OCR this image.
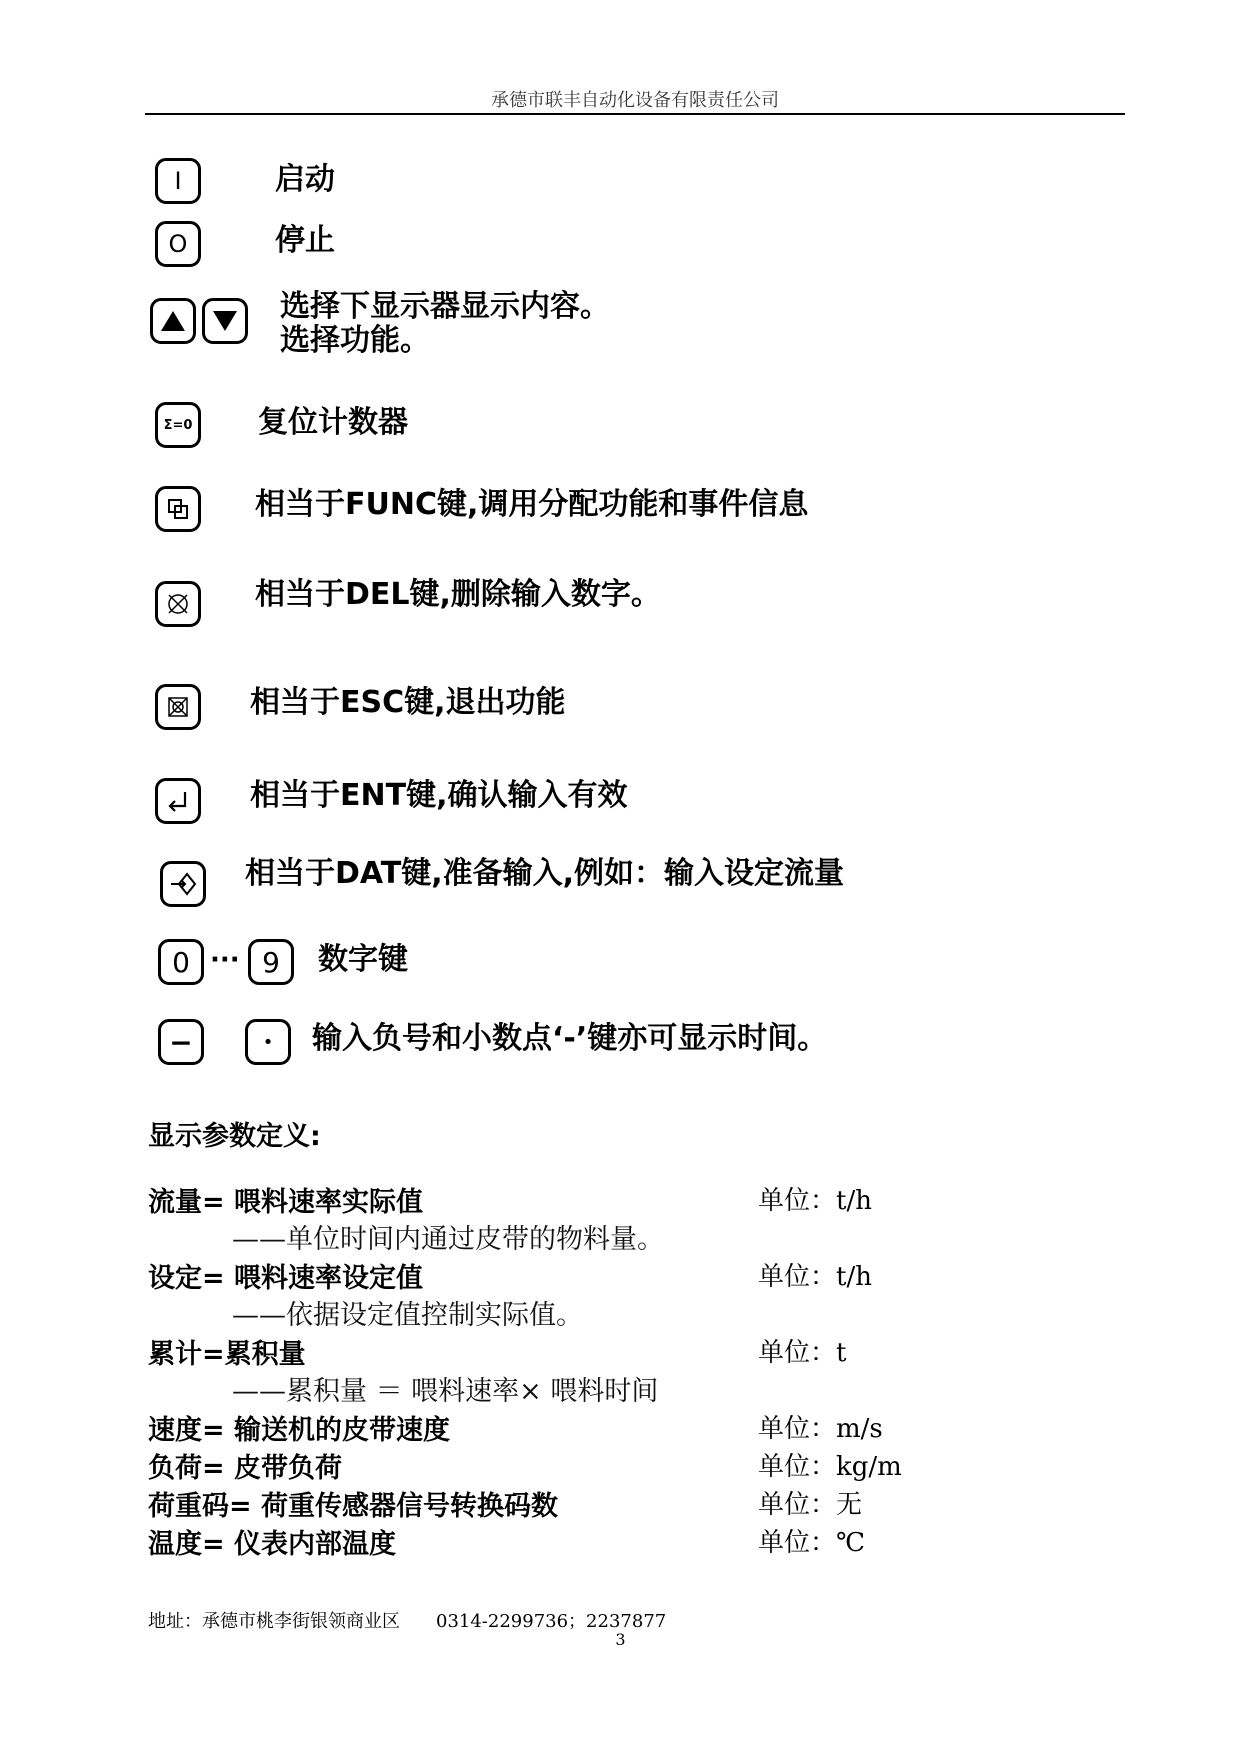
承德市联丰自动化设备有限责任公司
I	启动
O	停止
选择下显示器显示内容。
选择功能。
Σ=0 复位计数器
相当于FUNC键,调用分配功能和事件信息
相当于DEL键,删除输入数字。
相当于ESC键,退出功能
相当于ENT键,确认输入有效
相当于DAT键,准备输入,例如：输入设定流量
0 ··· 9 数字键
−	• 输入负号和小数点‘-’键亦可显示时间。
显示参数定义:
流量= 喂料速率实际值	单位：t/h
——单位时间内通过皮带的物料量。
设定= 喂料速率设定值	单位：t/h
——依据设定值控制实际值。
累计=累积量	单位：t
——累积量 ＝ 喂料速率× 喂料时间
速度= 输送机的皮带速度	单位：m/s
负荷= 皮带负荷	单位：kg/m
荷重码= 荷重传感器信号转换码数	单位：无
温度= 仪表内部温度	单位：℃
地址：承德市桃李街银领商业区　　0314-2299736；2237877
3
